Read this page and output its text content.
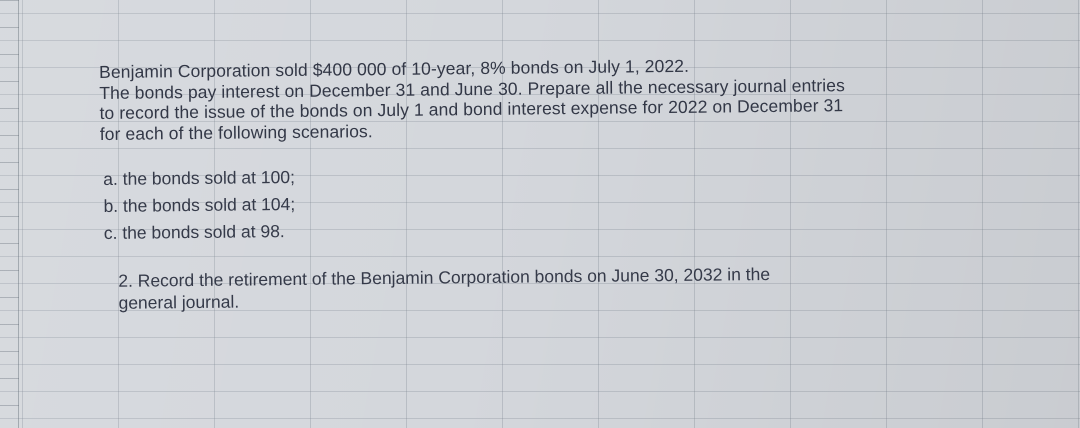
Benjamin Corporation sold $400 000 of 10-year, 8% bonds on July 1, 2022.
The bonds pay interest on December 31 and June 30. Prepare all the necessary journal entries
to record the issue of the bonds on July 1 and bond interest expense for 2022 on December 31
for each of the following scenarios.

a. the bonds sold at 100;
b. the bonds sold at 104;
c. the bonds sold at 98.
2. Record the retirement of the Benjamin Corporation bonds on June 30, 2032 in the
general journal.
